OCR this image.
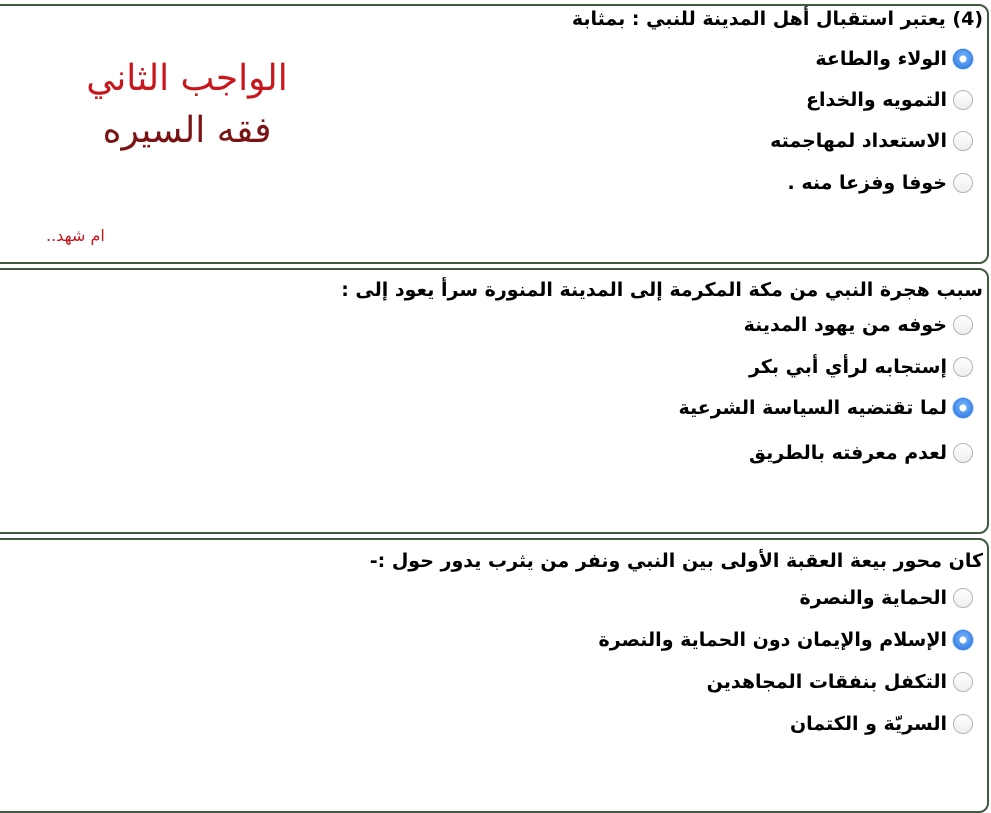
(4) يعتبر استقبال أهل المدينة للنبي : بمثابة
الولاء والطاعة
التمويه والخداع
الاستعداد لمهاجمته
خوفا وفزعا منه .
الواجب الثاني
فقه السيره
ام شهد..
سبب هجرة النبي من مكة المكرمة إلى المدينة المنورة سرأ يعود إلى :
خوفه من يهود المدينة
إستجابه لرأي أبي بكر
لما تقتضيه السياسة الشرعية
لعدم معرفته بالطريق
كان محور بيعة العقبة الأولى بين النبي ونفر من يثرب يدور حول :-
الحماية والنصرة
الإسلام والإيمان دون الحماية والنصرة
التكفل بنفقات المجاهدين
السريّة و الكتمان
